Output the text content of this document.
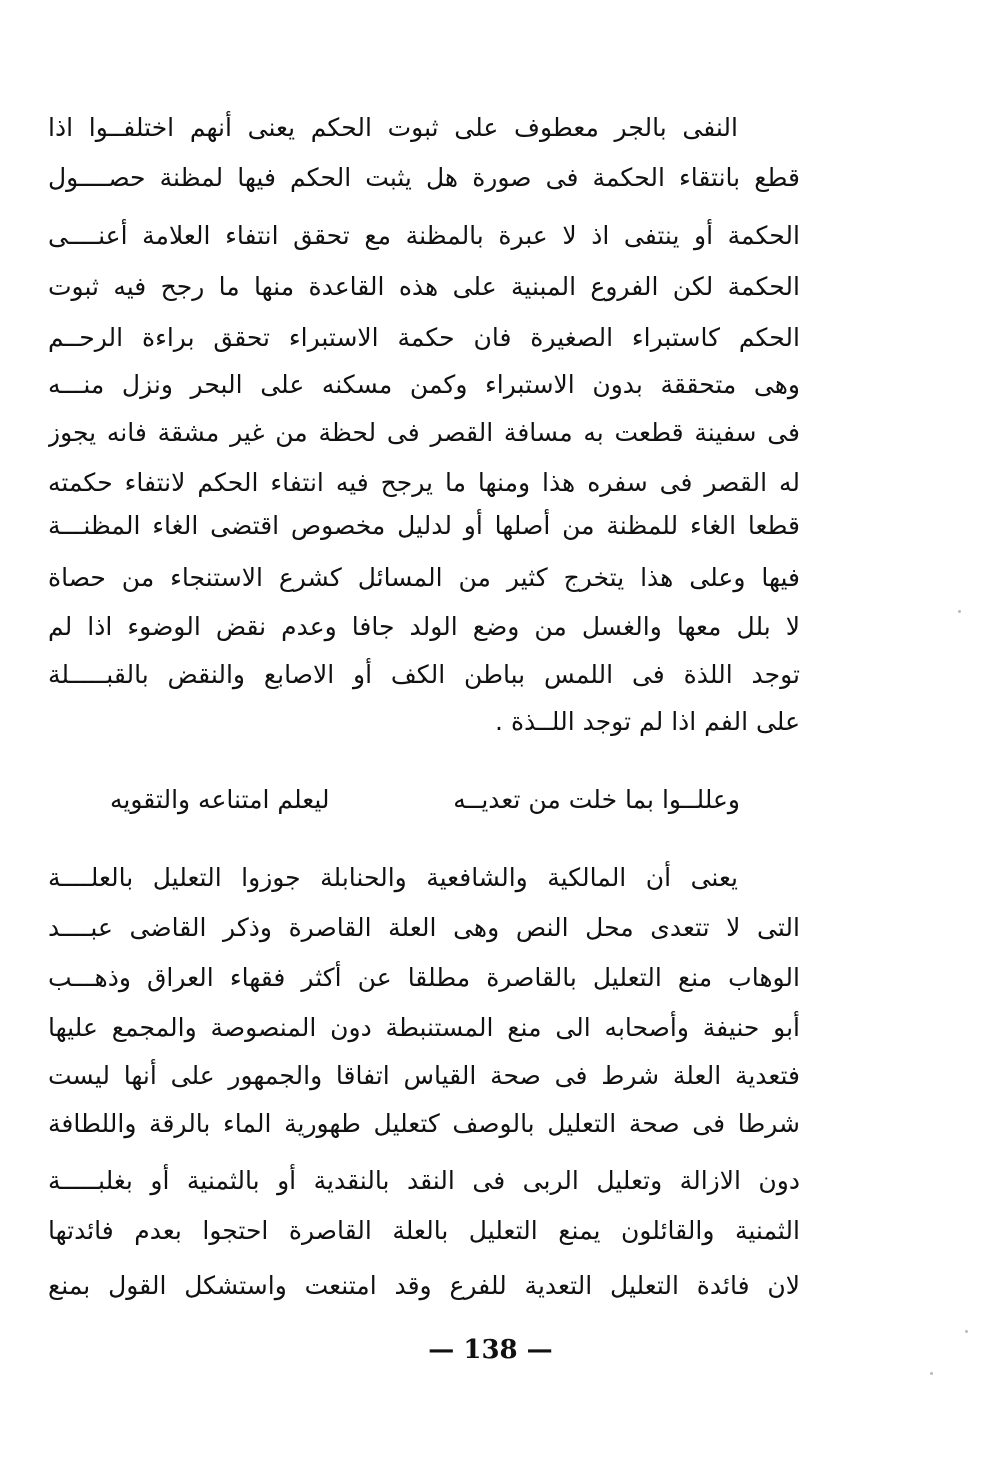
النفى بالجر معطوف على ثبوت الحكم يعنى أنهم اختلفــوا اذا
قطع بانتقاء الحكمة فى صورة هل يثبت الحكم فيها لمظنة حصــــول
الحكمة أو ينتفى اذ لا عبرة بالمظنة مع تحقق انتفاء العلامة أعنــــى
الحكمة لكن الفروع المبنية على هذه القاعدة منها ما رجح فيه ثبوت
الحكم كاستبراء الصغيرة فان حكمة الاستبراء تحقق براءة الرحــم
وهى متحققة بدون الاستبراء وكمن مسكنه على البحر ونزل منـــه
فى سفينة قطعت به مسافة القصر فى لحظة من غير مشقة فانه يجوز
له القصر فى سفره هذا ومنها ما يرجح فيه انتفاء الحكم لانتفاء حكمته
قطعا الغاء للمظنة من أصلها أو لدليل مخصوص اقتضى الغاء المظنـــة
فيها وعلى هذا يتخرج كثير من المسائل كشرع الاستنجاء من حصاة
لا بلل معها والغسل من وضع الولد جافا وعدم نقض الوضوء اذا لم
توجد اللذة فى اللمس بباطن الكف أو الاصابع والنقض بالقبـــــلة
على الفم اذا لم توجد اللــذة .
وعللــوا بما خلت من تعديــه
ليعلم امتناعه والتقويه
يعنى أن المالكية والشافعية والحنابلة جوزوا التعليل بالعلــــة
التى لا تتعدى محل النص وهى العلة القاصرة وذكر القاضى عبــــد
الوهاب منع التعليل بالقاصرة مطلقا عن أكثر فقهاء العراق وذهـــب
أبو حنيفة وأصحابه الى منع المستنبطة دون المنصوصة والمجمع عليها
فتعدية العلة شرط فى صحة القياس اتفاقا والجمهور على أنها ليست
شرطا فى صحة التعليل بالوصف كتعليل طهورية الماء بالرقة واللطافة
دون الازالة وتعليل الربى فى النقد بالنقدية أو بالثمنية أو بغلبـــــة
الثمنية والقائلون يمنع التعليل بالعلة القاصرة احتجوا بعدم فائدتها
لان فائدة التعليل التعدية للفرع وقد امتنعت واستشكل القول بمنع
— 138 —
